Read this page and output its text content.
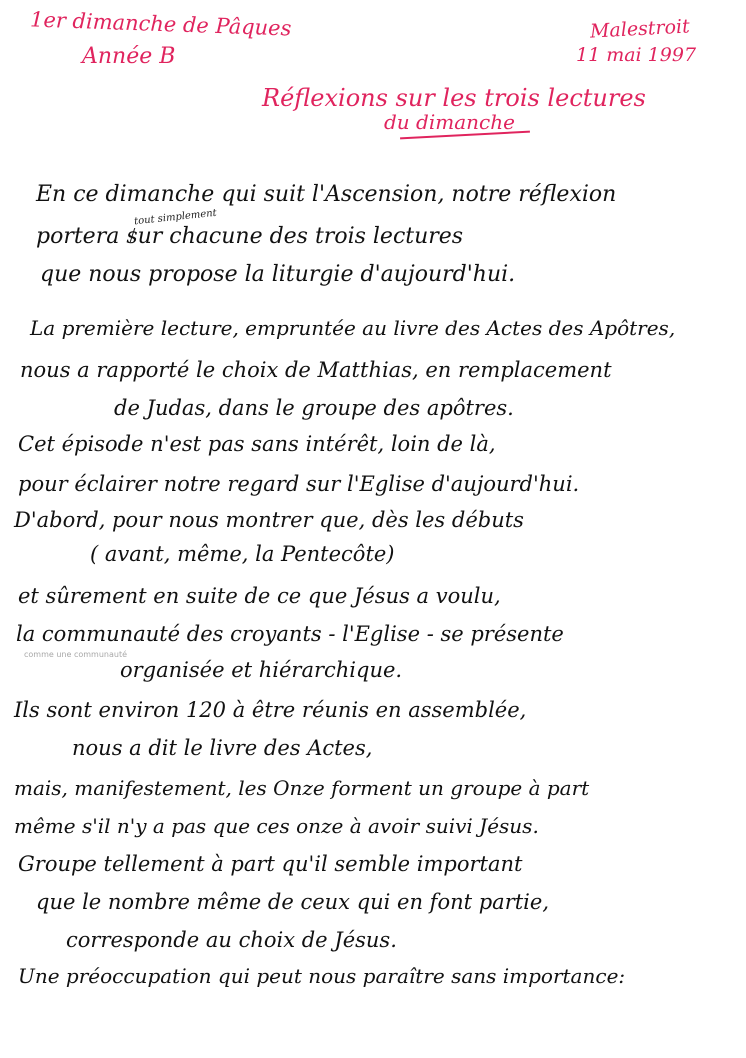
1er dimanche de Pâques
Année B
Malestroit
11 mai 1997
Réflexions sur les trois lectures
du dimanche
En ce dimanche qui suit l'Ascension, notre réflexion
tout simplement
portera sur chacune des trois lectures
que nous propose la liturgie d'aujourd'hui.
La première lecture, empruntée au livre des Actes des Apôtres,
nous a rapporté le choix de Matthias, en remplacement
de Judas, dans le groupe des apôtres.
Cet épisode n'est pas sans intérêt, loin de là,
pour éclairer notre regard sur l'Eglise d'aujourd'hui.
D'abord, pour nous montrer que, dès les débuts
( avant, même, la Pentecôte)
et sûrement en suite de ce que Jésus a voulu,
la communauté des croyants - l'Eglise - se présente
comme une communauté
organisée et hiérarchique.
Ils sont environ 120 à être réunis en assemblée,
nous a dit le livre des Actes,
mais, manifestement, les Onze forment un groupe à part
même s'il n'y a pas que ces onze à avoir suivi Jésus.
Groupe tellement à part qu'il semble important
que le nombre même de ceux qui en font partie,
corresponde au choix de Jésus.
Une préoccupation qui peut nous paraître sans importance:
